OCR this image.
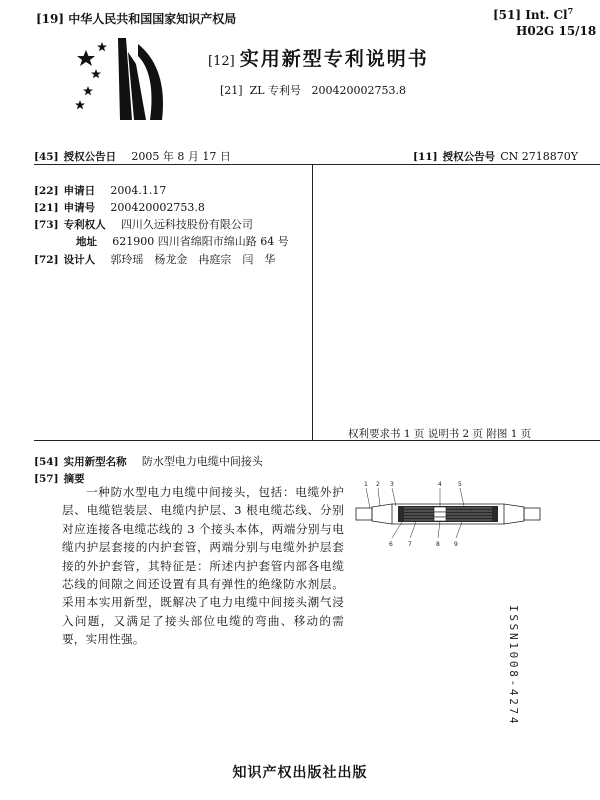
[19] 中华人民共和国国家知识产权局	[51] Int. Cl$^7$
H02G 15/18
[12] 实用新型专利说明书
[21] ZL 专利号 200420002753.8
[45] 授权公告日 2005 年 8 月 17 日	[11] 授权公告号 CN 2718870Y
[22] 申请日 2004.1.17
[21] 申请号 200420002753.8
[73] 专利权人 四川久远科技股份有限公司
地址 621900 四川省绵阳市绵山路 64 号
[72] 设计人 郭玲瑶　杨龙金　冉庭宗　闫　华
权利要求书 1 页 说明书 2 页 附图 1 页
[54] 实用新型名称 防水型电力电缆中间接头
[57] 摘要
一种防水型电力电缆中间接头，包括：电缆外护层、电缆铠装层、电缆内护层、3 根电缆芯线、分别对应连接各电缆芯线的 3 个接头本体，两端分别与电缆内护层套接的内护套管，两端分别与电缆外护层套接的外护套管，其特征是：所述内护套管内部各电缆芯线的间隙之间还设置有具有弹性的绝缘防水剂层。 采用本实用新型，既解决了电力电缆中间接头潮气浸入问题，又满足了接头部位电缆的弯曲、移动的需要，实用性强。
1 2 3	4	5
6	7	8 9
ISSN1008-4274
知识产权出版社出版
